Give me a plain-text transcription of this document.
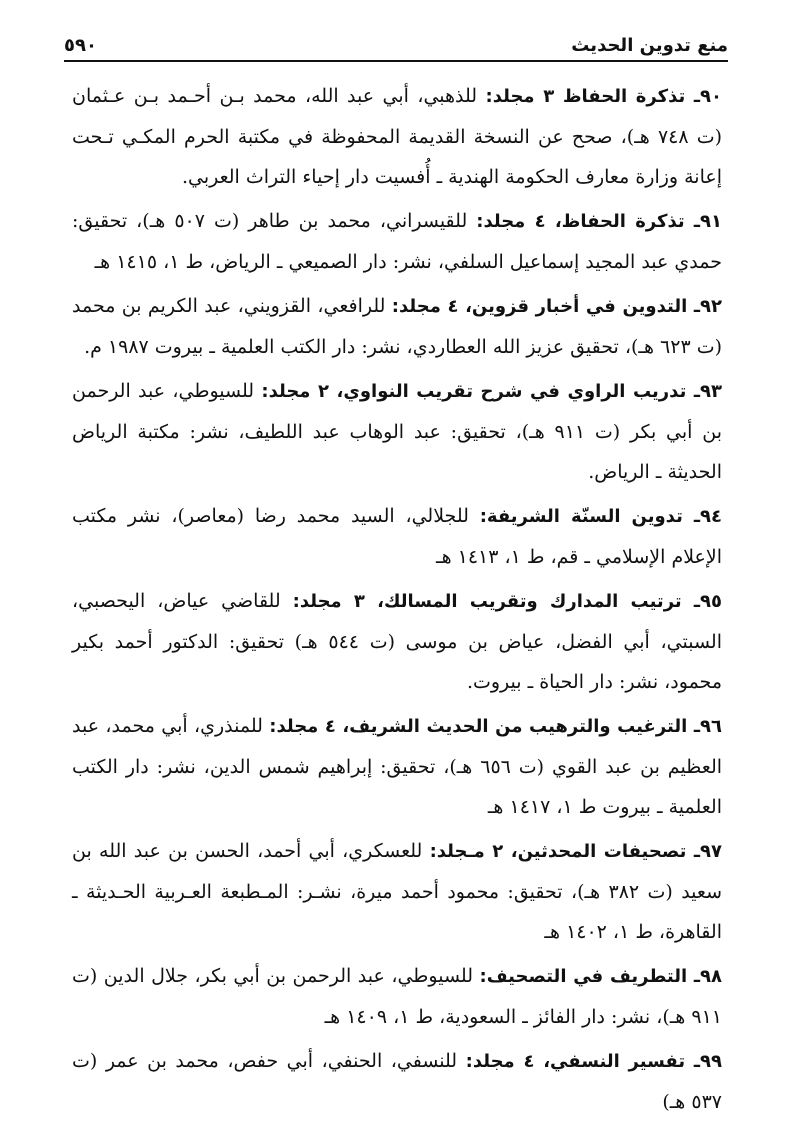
منع تدوين الحديث
٥٩٠

٩٠ـ تذكرة الحفاظ ٣ مجلد: للذهبي، أبي عبد الله، محمد بـن أحـمد بـن عـثمان (ت ٧٤٨ هـ)، صحح عن النسخة القديمة المحفوظة في مكتبة الحرم المكـي تـحت إعانة وزارة معارف الحكومة الهندية ـ أُفسيت دار إحياء التراث العربي.

٩١ـ تذكرة الحفاظ، ٤ مجلد: للقيسراني، محمد بن طاهر (ت ٥٠٧ هـ)، تحقيق: حمدي عبد المجيد إسماعيل السلفي، نشر: دار الصميعي ـ الرياض، ط ١، ١٤١٥ هـ

٩٢ـ التدوين في أخبار قزوين، ٤ مجلد: للرافعي، القزويني، عبد الكريم بن محمد (ت ٦٢٣ هـ)، تحقيق عزيز الله العطاردي، نشر: دار الكتب العلمية ـ بيروت ١٩٨٧ م.

٩٣ـ تدريب الراوي في شرح تقريب النواوي، ٢ مجلد: للسيوطي، عبد الرحمن بن أبي بكر (ت ٩١١ هـ)، تحقيق: عبد الوهاب عبد اللطيف، نشر: مكتبة الرياض الحديثة ـ الرياض.

٩٤ـ تدوين السنّة الشريفة: للجلالي، السيد محمد رضا (معاصر)، نشر مكتب الإعلام الإسلامي ـ قم، ط ١، ١٤١٣ هـ

٩٥ـ ترتيب المدارك وتقريب المسالك، ٣ مجلد: للقاضي عياض، اليحصبي، السبتي، أبي الفضل، عياض بن موسى (ت ٥٤٤ هـ) تحقيق: الدكتور أحمد بكير محمود، نشر: دار الحياة ـ بيروت.

٩٦ـ الترغيب والترهيب من الحديث الشريف، ٤ مجلد: للمنذري، أبي محمد، عبد العظيم بن عبد القوي (ت ٦٥٦ هـ)، تحقيق: إبراهيم شمس الدين، نشر: دار الكتب العلمية ـ بيروت ط ١، ١٤١٧ هـ

٩٧ـ تصحيفات المحدثين، ٢ مـجلد: للعسكري، أبي أحمد، الحسن بن عبد الله بن سعيد (ت ٣٨٢ هـ)، تحقيق: محمود أحمد ميرة، نشـر: المـطبعة العـربية الحـديثة ـ القاهرة، ط ١، ١٤٠٢ هـ

٩٨ـ التطريف في التصحيف: للسيوطي، عبد الرحمن بن أبي بكر، جلال الدين (ت ٩١١ هـ)، نشر: دار الفائز ـ السعودية، ط ١، ١٤٠٩ هـ

٩٩ـ تفسير النسفي، ٤ مجلد: للنسفي، الحنفي، أبي حفص، محمد بن عمر (ت ٥٣٧ هـ)
